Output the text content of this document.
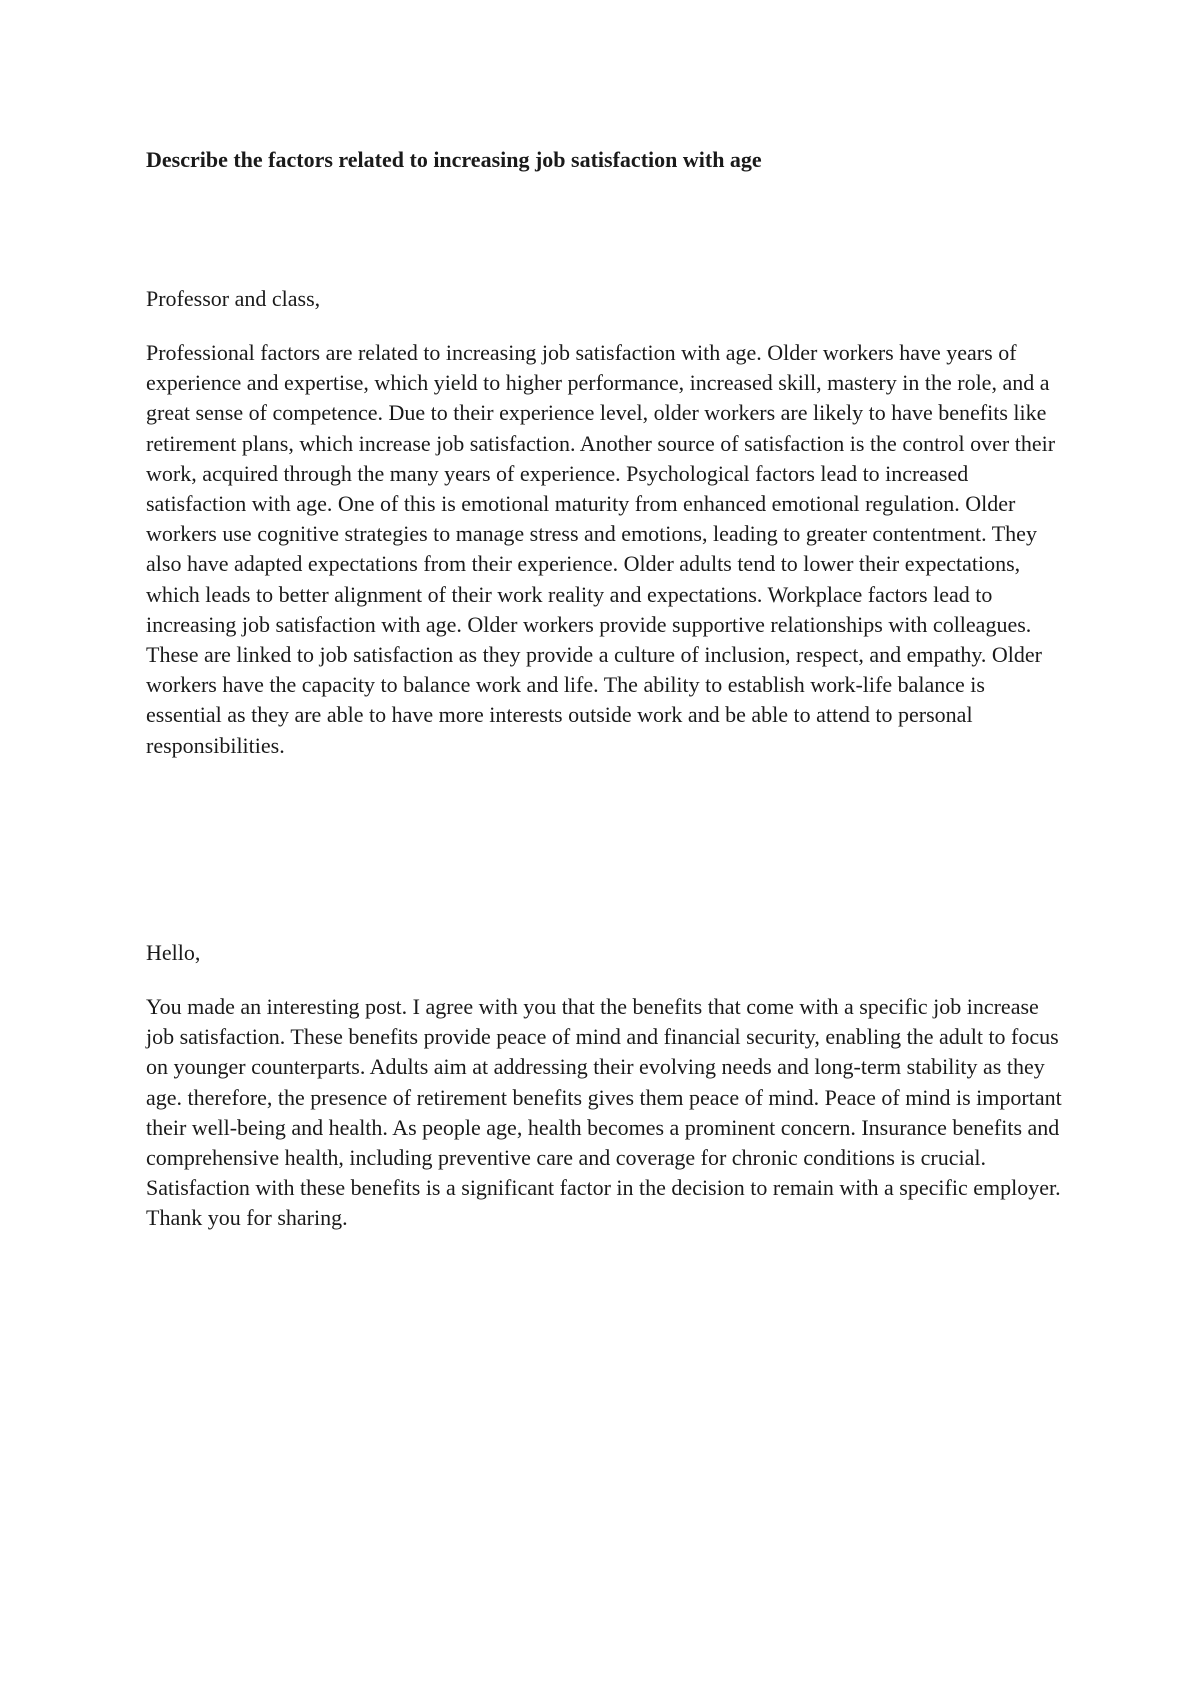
Describe the factors related to increasing job satisfaction with age

Professor and class,

Professional factors are related to increasing job satisfaction with age. Older workers have years of experience and expertise, which yield to higher performance, increased skill, mastery in the role, and a great sense of competence. Due to their experience level, older workers are likely to have benefits like retirement plans, which increase job satisfaction. Another source of satisfaction is the control over their work, acquired through the many years of experience. Psychological factors lead to increased satisfaction with age. One of this is emotional maturity from enhanced emotional regulation. Older workers use cognitive strategies to manage stress and emotions, leading to greater contentment. They also have adapted expectations from their experience. Older adults tend to lower their expectations, which leads to better alignment of their work reality and expectations. Workplace factors lead to increasing job satisfaction with age. Older workers provide supportive relationships with colleagues. These are linked to job satisfaction as they provide a culture of inclusion, respect, and empathy. Older workers have the capacity to balance work and life. The ability to establish work-life balance is essential as they are able to have more interests outside work and be able to attend to personal responsibilities.

Hello,

You made an interesting post. I agree with you that the benefits that come with a specific job increase job satisfaction. These benefits provide peace of mind and financial security, enabling the adult to focus on younger counterparts. Adults aim at addressing their evolving needs and long-term stability as they age. therefore, the presence of retirement benefits gives them peace of mind. Peace of mind is important their well-being and health. As people age, health becomes a prominent concern. Insurance benefits and comprehensive health, including preventive care and coverage for chronic conditions is crucial. Satisfaction with these benefits is a significant factor in the decision to remain with a specific employer. Thank you for sharing.
